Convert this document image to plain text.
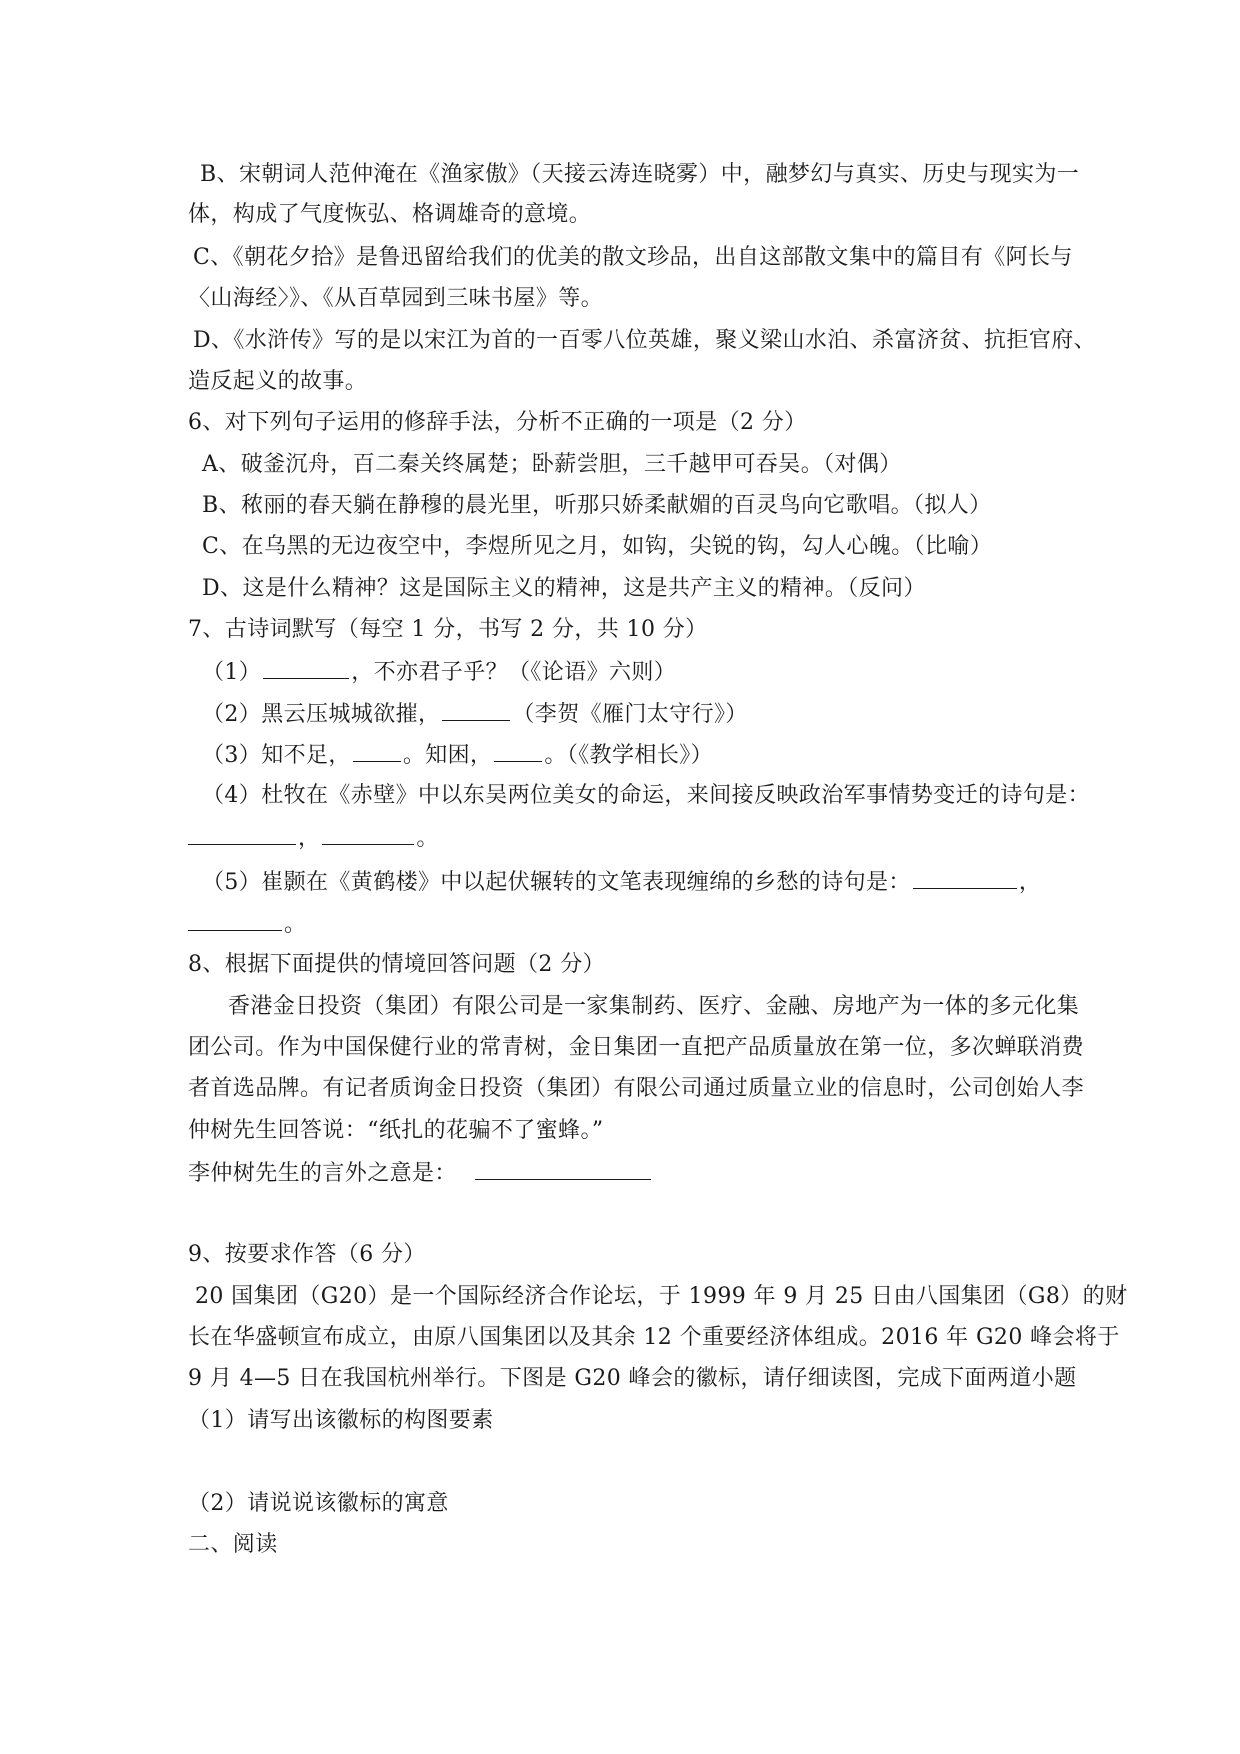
B、宋朝词人范仲淹在《渔家傲》（天接云涛连晓雾）中，融梦幻与真实、历史与现实为一
体，构成了气度恢弘、格调雄奇的意境。
C、《朝花夕拾》是鲁迅留给我们的优美的散文珍品，出自这部散文集中的篇目有《阿长与
〈山海经〉》、《从百草园到三味书屋》等。
D、《水浒传》写的是以宋江为首的一百零八位英雄，聚义梁山水泊、杀富济贫、抗拒官府、
造反起义的故事。
6、对下列句子运用的修辞手法，分析不正确的一项是（2 分）
A、破釜沉舟，百二秦关终属楚；卧薪尝胆，三千越甲可吞吴。（对偶）
B、秾丽的春天躺在静穆的晨光里，听那只娇柔献媚的百灵鸟向它歌唱。（拟人）
C、在乌黑的无边夜空中，李煜所见之月，如钩，尖锐的钩，勾人心魄。（比喻）
D、这是什么精神？这是国际主义的精神，这是共产主义的精神。（反问）
7、古诗词默写（每空 1 分，书写 2 分，共 10 分）
（1）	，不亦君子乎？（《论语》六则）
（2）黑云压城城欲摧，	（李贺《雁门太守行》）
（3）知不足， 。知困， 。（《教学相长》）
（4）杜牧在《赤壁》中以东吴两位美女的命运，来间接反映政治军事情势变迁的诗句是：
，	。
（5）崔颢在《黄鹤楼》中以起伏辗转的文笔表现缠绵的乡愁的诗句是：	，
。
8、根据下面提供的情境回答问题（2 分）
香港金日投资（集团）有限公司是一家集制药、医疗、金融、房地产为一体的多元化集
团公司。作为中国保健行业的常青树，金日集团一直把产品质量放在第一位，多次蝉联消费
者首选品牌。有记者质询金日投资（集团）有限公司通过质量立业的信息时，公司创始人李
仲树先生回答说：“纸扎的花骗不了蜜蜂。”
李仲树先生的言外之意是：
9、按要求作答（6 分）
20 国集团（G20）是一个国际经济合作论坛，于 1999 年 9 月 25 日由八国集团（G8）的财
长在华盛顿宣布成立，由原八国集团以及其余 12 个重要经济体组成。2016 年 G20 峰会将于
9 月 4—5 日在我国杭州举行。下图是 G20 峰会的徽标，请仔细读图，完成下面两道小题
（1）请写出该徽标的构图要素
（2）请说说该徽标的寓意
二、阅读
